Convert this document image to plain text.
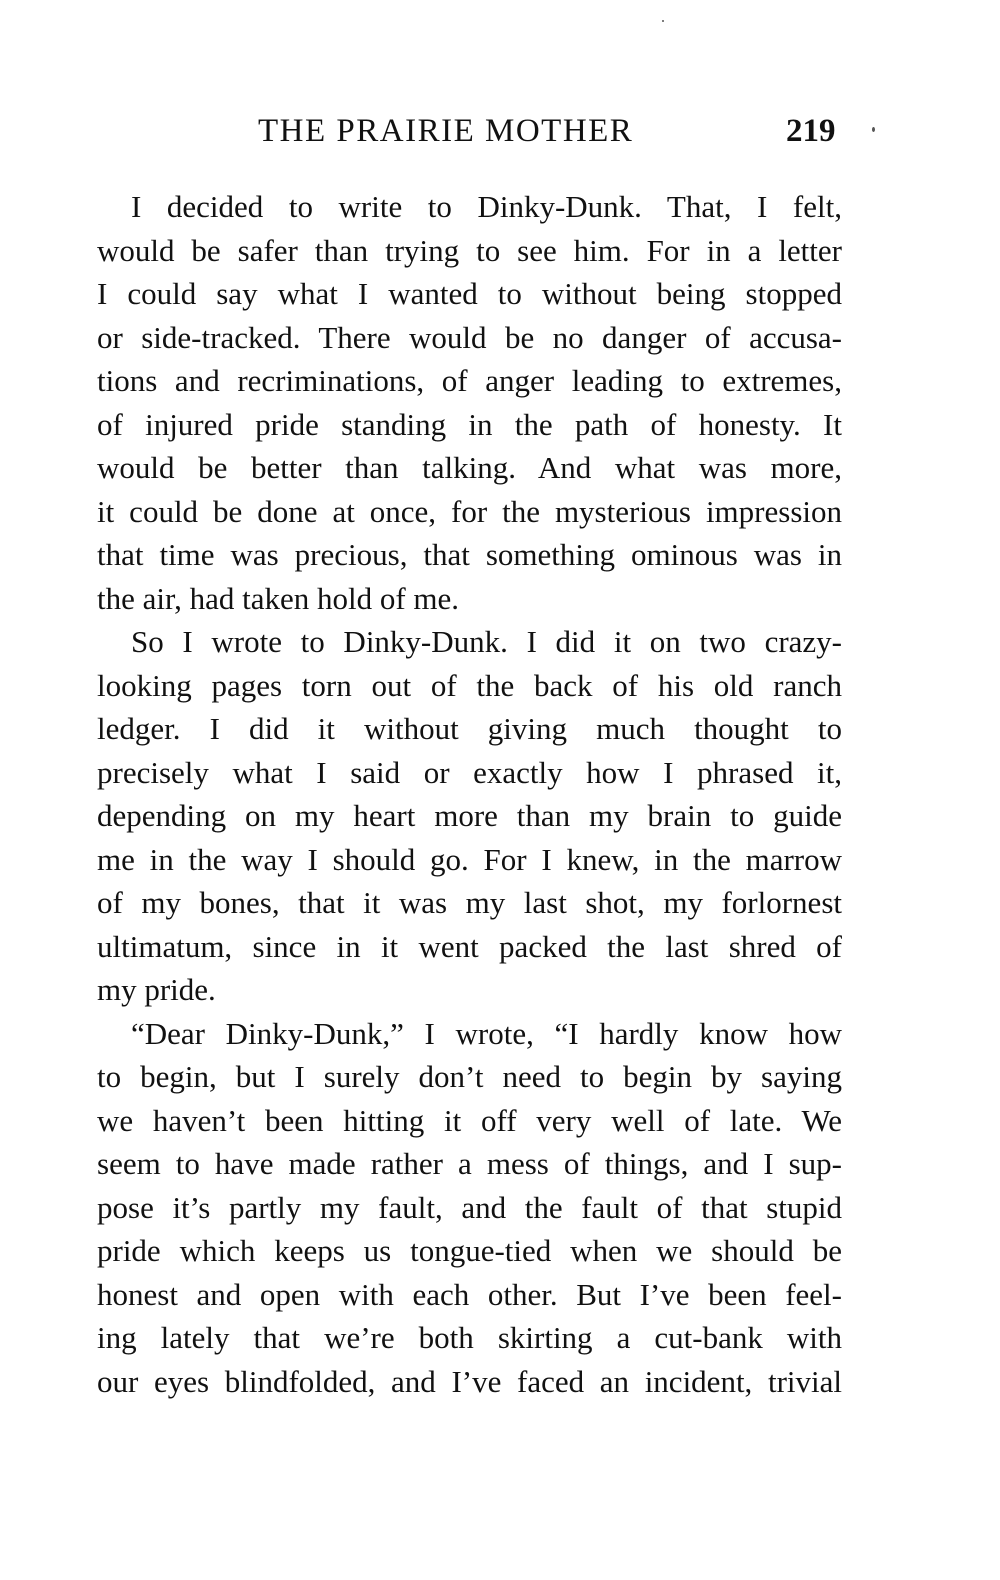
THE PRAIRIE MOTHER	219
I decided to write to Dinky-Dunk. That, I felt,
would be safer than trying to see him. For in a letter
I could say what I wanted to without being stopped
or side-tracked. There would be no danger of accusa-
tions and recriminations, of anger leading to extremes,
of injured pride standing in the path of honesty. It
would be better than talking. And what was more,
it could be done at once, for the mysterious impression
that time was precious, that something ominous was in
the air, had taken hold of me.
So I wrote to Dinky-Dunk. I did it on two crazy-
looking pages torn out of the back of his old ranch
ledger. I did it without giving much thought to
precisely what I said or exactly how I phrased it,
depending on my heart more than my brain to guide
me in the way I should go. For I knew, in the marrow
of my bones, that it was my last shot, my forlornest
ultimatum, since in it went packed the last shred of
my pride.
“Dear Dinky-Dunk,” I wrote, “I hardly know how
to begin, but I surely don’t need to begin by saying
we haven’t been hitting it off very well of late. We
seem to have made rather a mess of things, and I sup-
pose it’s partly my fault, and the fault of that stupid
pride which keeps us tongue-tied when we should be
honest and open with each other. But I’ve been feel-
ing lately that we’re both skirting a cut-bank with
our eyes blindfolded, and I’ve faced an incident, trivial
